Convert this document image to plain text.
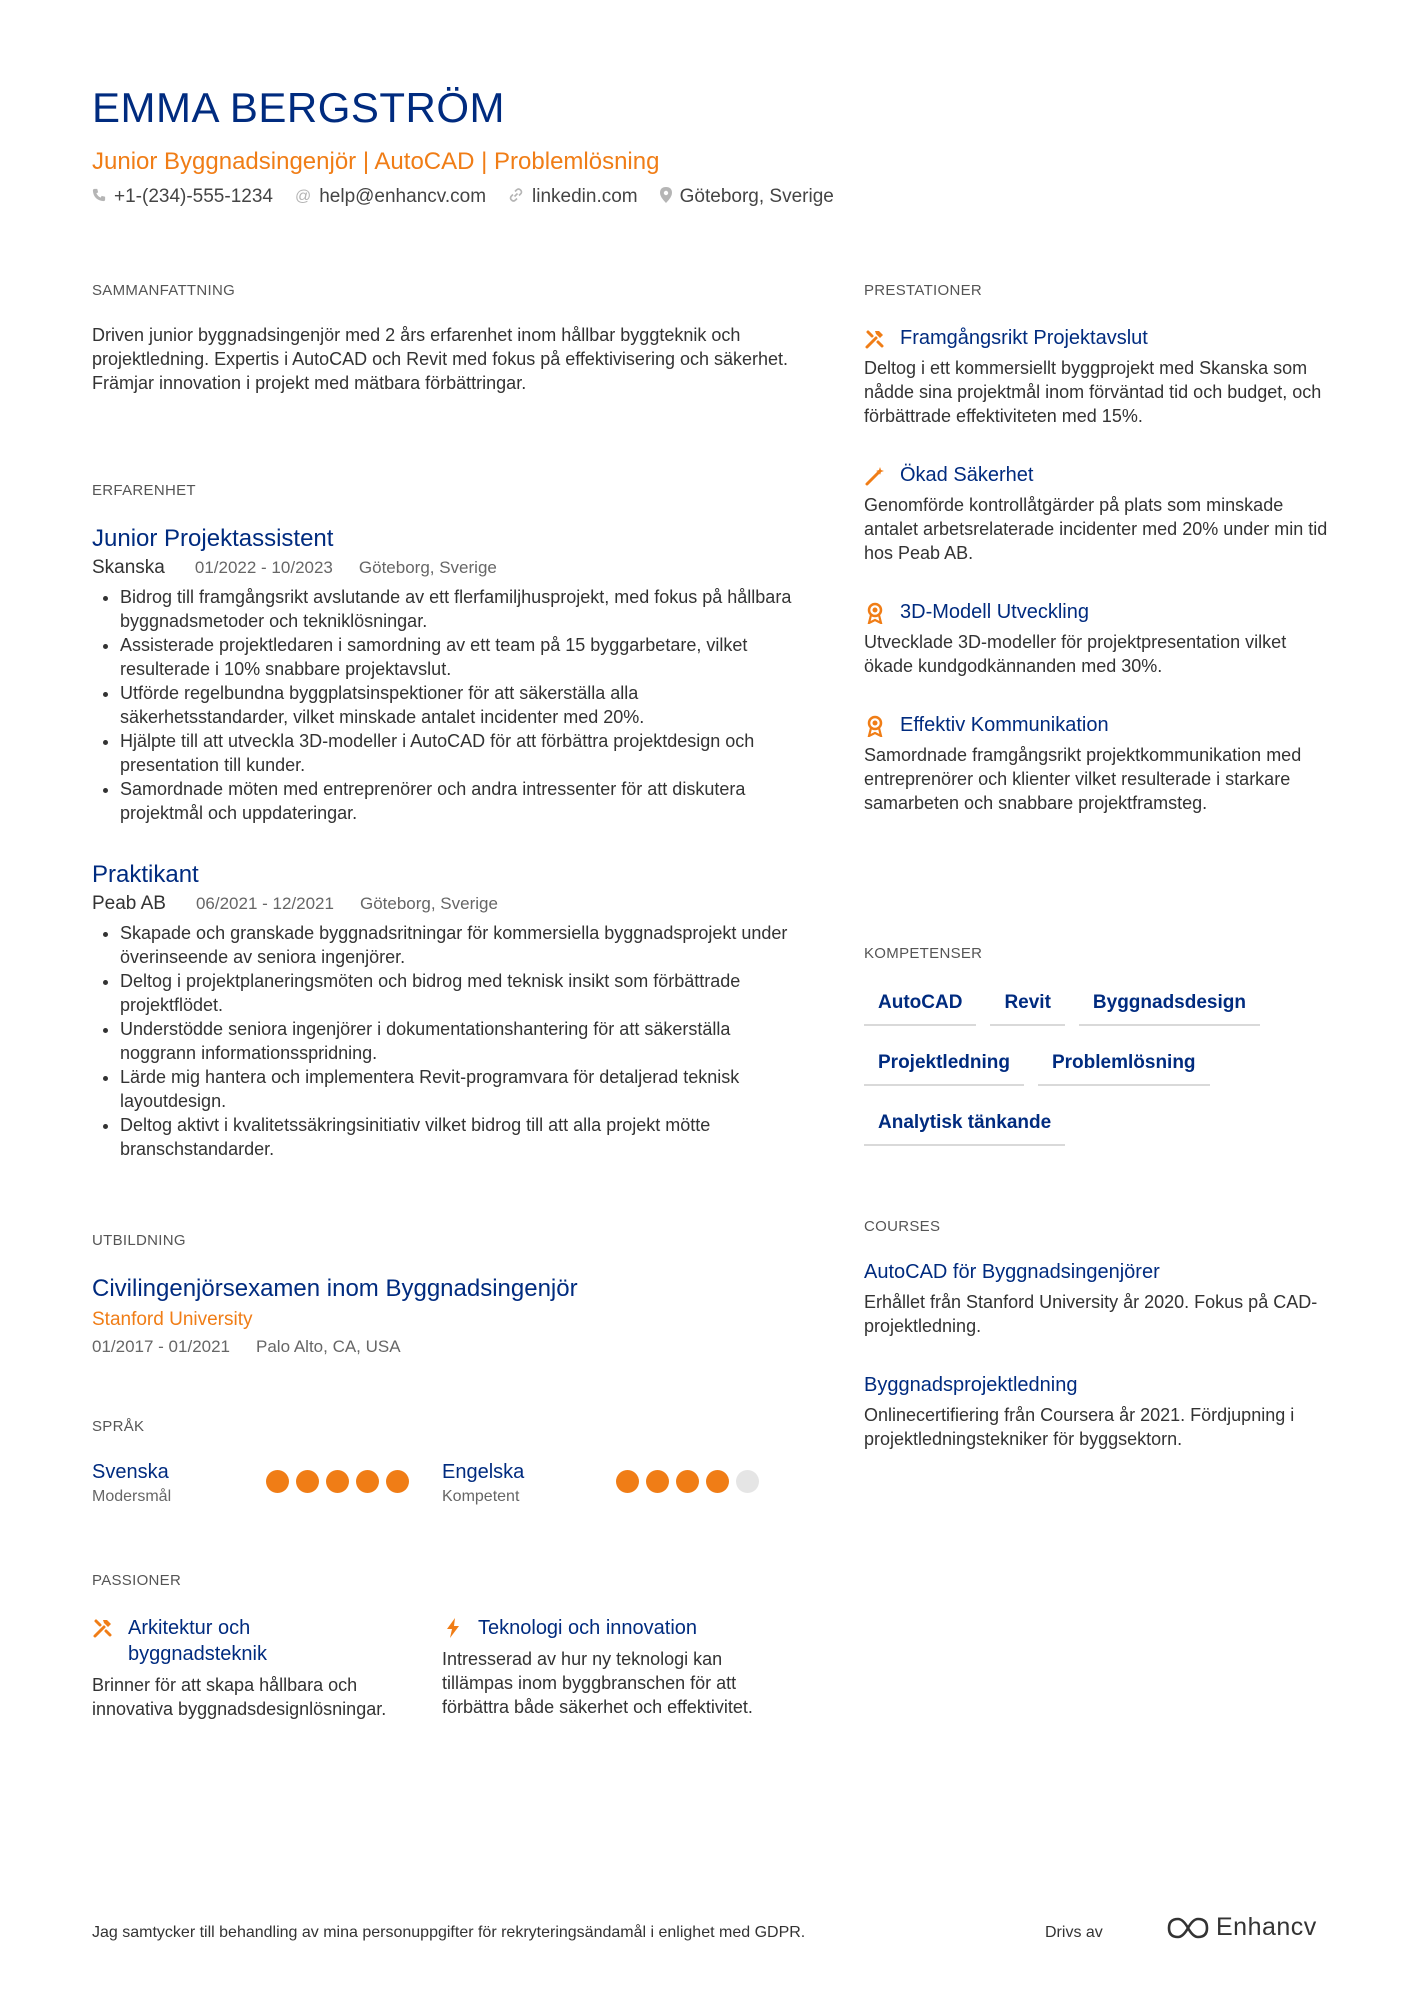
EMMA BERGSTRÖM
Junior Byggnadsingenjör | AutoCAD | Problemlösning
+1-(234)-555-1234 @ help@enhancv.com linkedin.com Göteborg, Sverige
SAMMANFATTNING
Driven junior byggnadsingenjör med 2 års erfarenhet inom hållbar byggteknik och projektledning. Expertis i AutoCAD och Revit med fokus på effektivisering och säkerhet. Främjar innovation i projekt med mätbara förbättringar.
ERFARENHET
Junior Projektassistent
Skanska 01/2022 - 10/2023 Göteborg, Sverige
• Bidrog till framgångsrikt avslutande av ett flerfamiljhusprojekt, med fokus på hållbara byggnadsmetoder och tekniklösningar.
• Assisterade projektledaren i samordning av ett team på 15 byggarbetare, vilket resulterade i 10% snabbare projektavslut.
• Utförde regelbundna byggplatsinspektioner för att säkerställa alla säkerhetsstandarder, vilket minskade antalet incidenter med 20%.
• Hjälpte till att utveckla 3D-modeller i AutoCAD för att förbättra projektdesign och presentation till kunder.
• Samordnade möten med entreprenörer och andra intressenter för att diskutera projektmål och uppdateringar.
Praktikant
Peab AB 06/2021 - 12/2021 Göteborg, Sverige
• Skapade och granskade byggnadsritningar för kommersiella byggnadsprojekt under överinseende av seniora ingenjörer.
• Deltog i projektplaneringsmöten och bidrog med teknisk insikt som förbättrade projektflödet.
• Understödde seniora ingenjörer i dokumentationshantering för att säkerställa noggrann informationsspridning.
• Lärde mig hantera och implementera Revit-programvara för detaljerad teknisk layoutdesign.
• Deltog aktivt i kvalitetssäkringsinitiativ vilket bidrog till att alla projekt mötte branschstandarder.
UTBILDNING
Civilingenjörsexamen inom Byggnadsingenjör
Stanford University
01/2017 - 01/2021 Palo Alto, CA, USA
SPRÅK
Svenska
Modersmål
Engelska
Kompetent
PASSIONER
Arkitektur och byggnadsteknik
Brinner för att skapa hållbara och innovativa byggnadsdesignlösningar.
Teknologi och innovation
Intresserad av hur ny teknologi kan tillämpas inom byggbranschen för att förbättra både säkerhet och effektivitet.
PRESTATIONER
Framgångsrikt Projektavslut
Deltog i ett kommersiellt byggprojekt med Skanska som nådde sina projektmål inom förväntad tid och budget, och förbättrade effektiviteten med 15%.
Ökad Säkerhet
Genomförde kontrollåtgärder på plats som minskade antalet arbetsrelaterade incidenter med 20% under min tid hos Peab AB.
3D-Modell Utveckling
Utvecklade 3D-modeller för projektpresentation vilket ökade kundgodkännanden med 30%.
Effektiv Kommunikation
Samordnade framgångsrikt projektkommunikation med entreprenörer och klienter vilket resulterade i starkare samarbeten och snabbare projektframsteg.
KOMPETENSER
AutoCAD	Revit	Byggnadsdesign
Projektledning	Problemlösning
Analytisk tänkande
COURSES
AutoCAD för Byggnadsingenjörer
Erhållet från Stanford University år 2020. Fokus på CAD-projektledning.
Byggnadsprojektledning
Onlinecertifiering från Coursera år 2021. Fördjupning i projektledningstekniker för byggsektorn.
Jag samtycker till behandling av mina personuppgifter för rekryteringsändamål i enlighet med GDPR.	Drivs av	Enhancv
